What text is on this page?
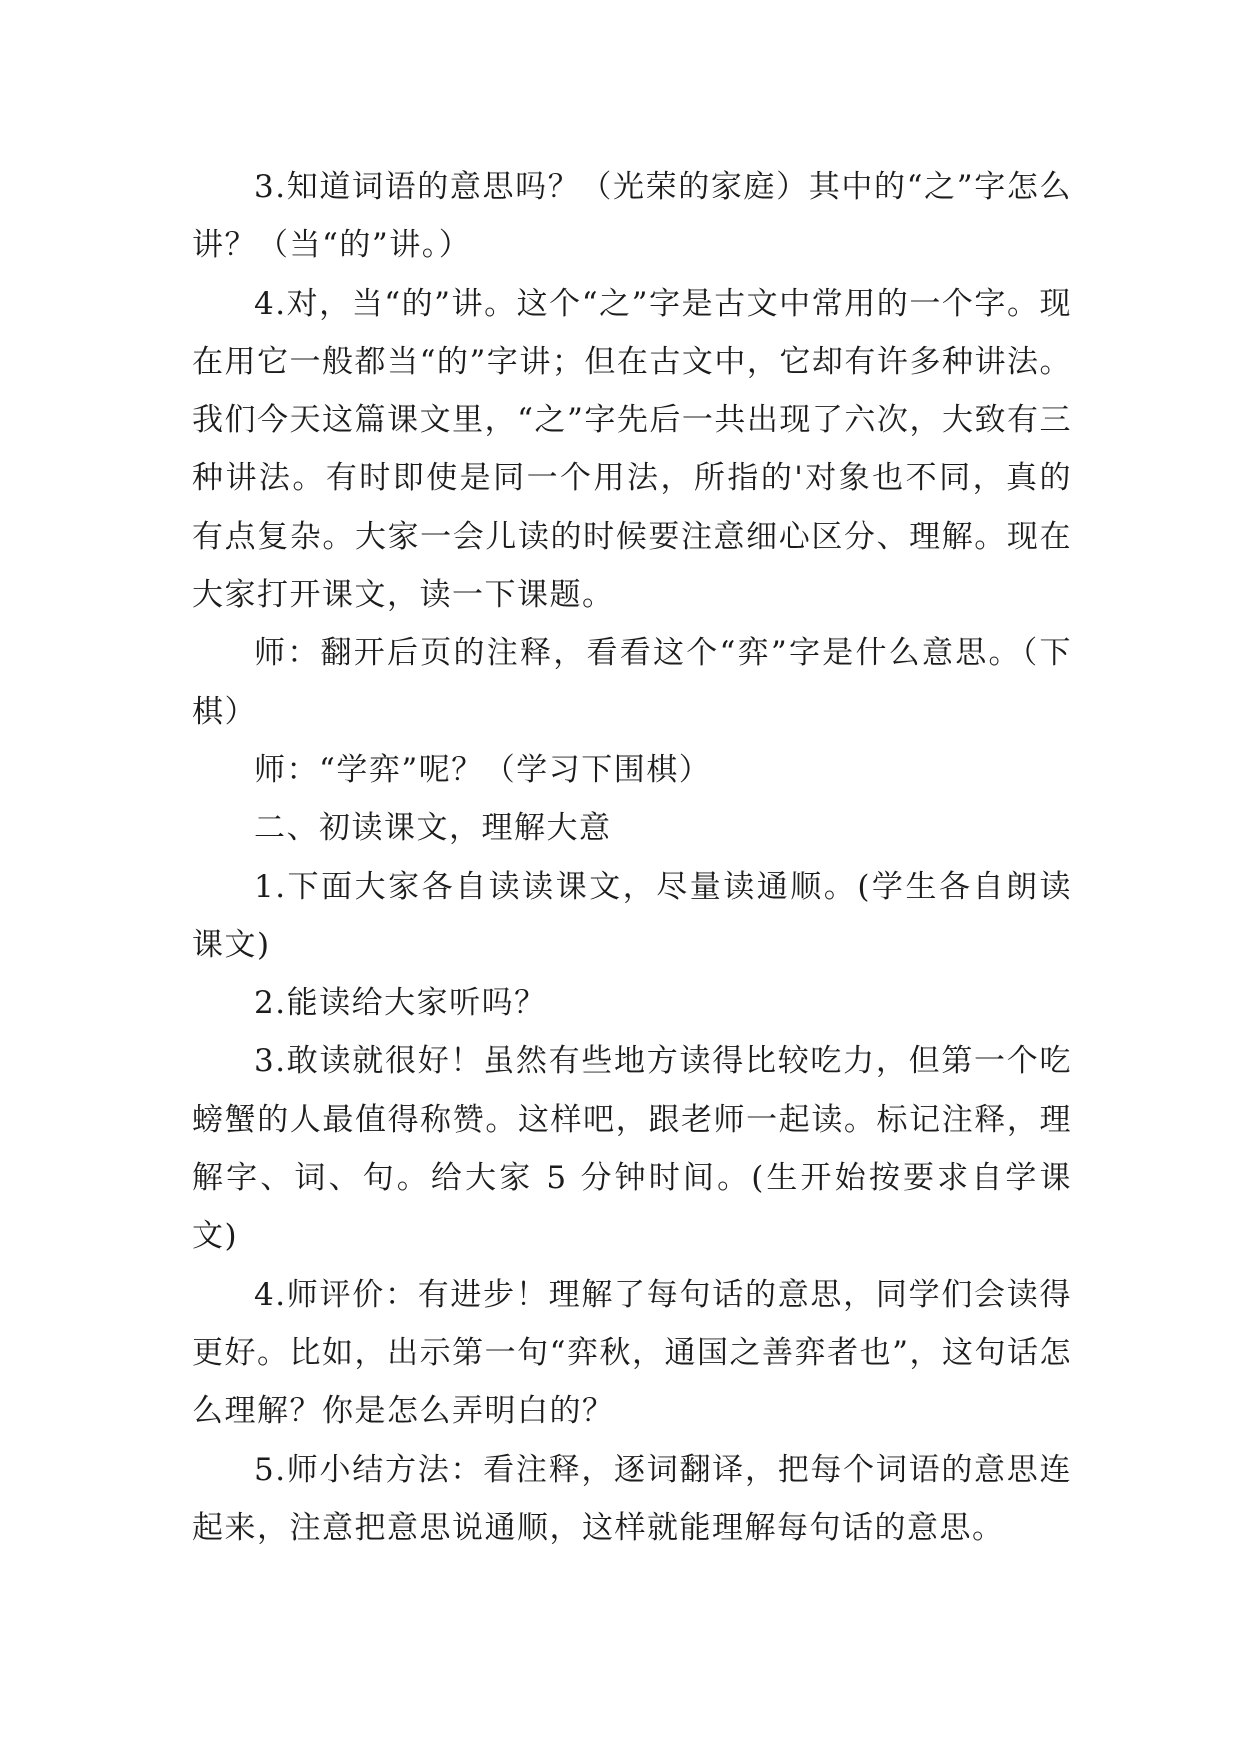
3.知道词语的意思吗？（光荣的家庭）其中的“之”字怎么讲？（当“的”讲。）

4.对，当“的”讲。这个“之”字是古文中常用的一个字。现在用它一般都当“的”字讲；但在古文中，它却有许多种讲法。我们今天这篇课文里，“之”字先后一共出现了六次，大致有三种讲法。有时即使是同一个用法，所指的'对象也不同，真的有点复杂。大家一会儿读的时候要注意细心区分、理解。现在大家打开课文，读一下课题。

师：翻开后页的注释，看看这个“弈”字是什么意思。（下棋）

师：“学弈”呢？（学习下围棋）

二、初读课文，理解大意

1.下面大家各自读读课文，尽量读通顺。(学生各自朗读课文)

2.能读给大家听吗？

3.敢读就很好！虽然有些地方读得比较吃力，但第一个吃螃蟹的人最值得称赞。这样吧，跟老师一起读。标记注释，理解字、词、句。给大家 5 分钟时间。(生开始按要求自学课文)

4.师评价：有进步！理解了每句话的意思，同学们会读得更好。比如，出示第一句“弈秋，通国之善弈者也”，这句话怎么理解？你是怎么弄明白的？

5.师小结方法：看注释，逐词翻译，把每个词语的意思连起来，注意把意思说通顺，这样就能理解每句话的意思。
